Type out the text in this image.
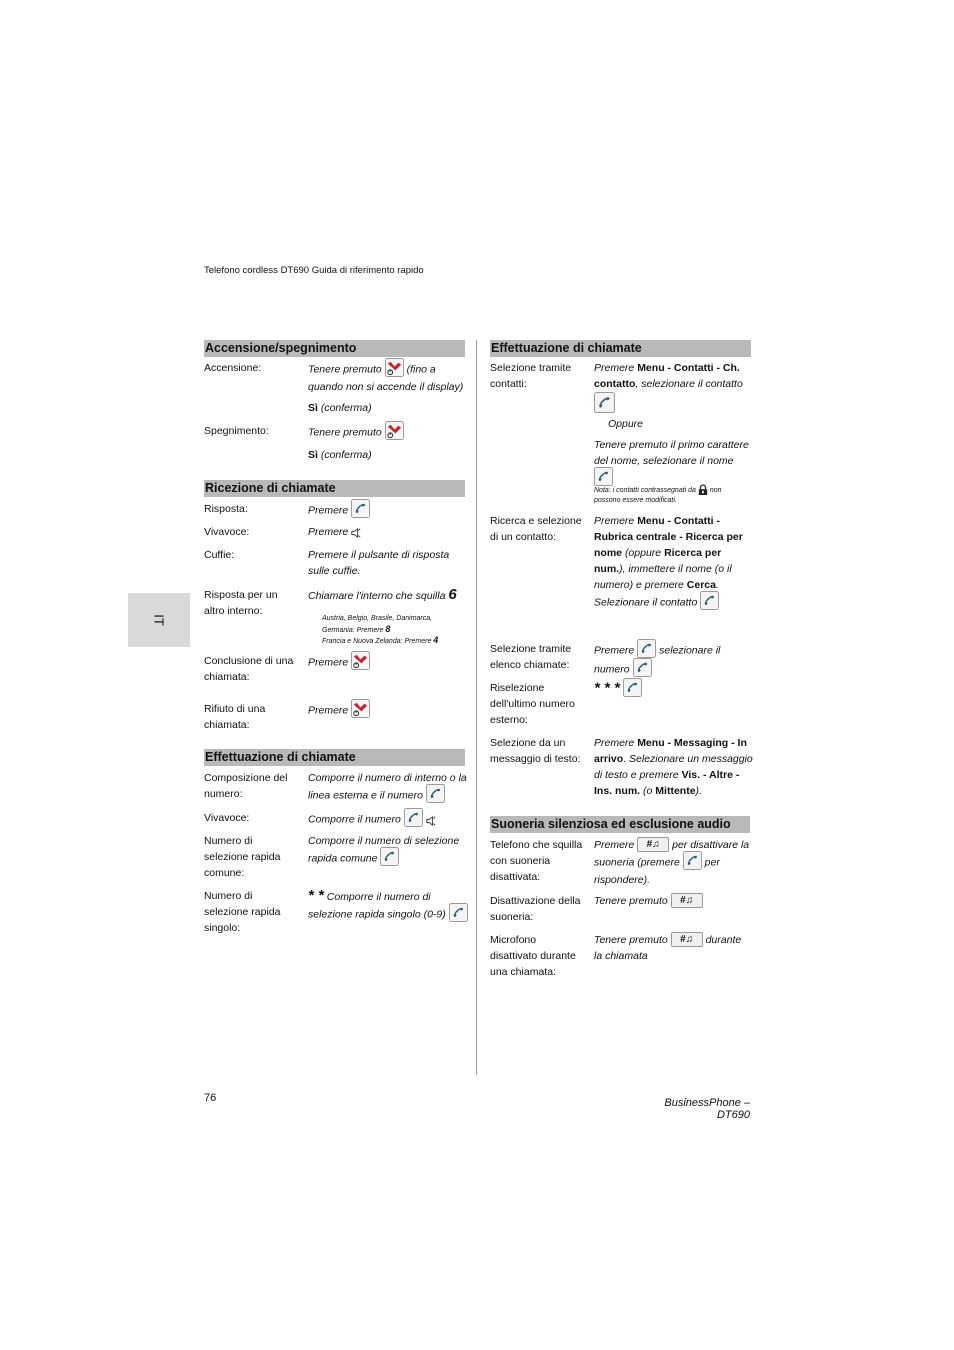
Telefono cordless DT690 Guida di riferimento rapido
IT
Accensione/spegnimento
Accensione:	Tenere premuto (fino a quando non si accende il display)
Sì (conferma)
Spegnimento:	Tenere premuto
Sì (conferma)
Ricezione di chiamate
Risposta:	Premere
Vivavoce:	Premere
Cuffie:	Premere il pulsante di risposta sulle cuffie.
Risposta per un altro interno:
Chiamare l'interno che squilla 6
Austria, Belgio, Brasile, Danimarca, Germania: Premere 8
Francia e Nuova Zelanda: Premere 4
Conclusione di una chiamata:
Premere
Rifiuto di una chiamata:
Premere
Effettuazione di chiamate
Composizione del numero:
Comporre il numero di interno o la linea esterna e il numero
Vivavoce:	Comporre il numero

Numero di selezione rapida comune:
Comporre il numero di selezione rapida comune
Numero di selezione rapida singolo:
* * Comporre il numero di selezione rapida singolo (0-9)
Effettuazione di chiamate
Selezione tramite contatti:
Premere Menu - Contatti - Ch. contatto, selezionare il contatto
Oppure
Tenere premuto il primo carattere del nome, selezionare il nome
Nota: i contatti contrassegnati da non possono essere modificati.
Ricerca e selezione di un contatto:
Premere Menu - Contatti - Rubrica centrale - Ricerca per nome (oppure Ricerca per num.), immettere il nome (o il numero) e premere Cerca. Selezionare il contatto
Selezione tramite elenco chiamate:
Premere selezionare il numero
Riselezione dell'ultimo numero esterno:
* * *
Selezione da un messaggio di testo:
Premere Menu - Messaging - In arrivo. Selezionare un messaggio di testo e premere Vis. - Altre - Ins. num. (o Mittente).
Suoneria silenziosa ed esclusione audio
Telefono che squilla con suoneria disattivata:
Premere #♫ per disattivare la suoneria (premere per rispondere).
Disattivazione della suoneria:
Tenere premuto #♫
Microfono disattivato durante una chiamata:
Tenere premuto #♫ durante la chiamata
76	BusinessPhone – DT690
